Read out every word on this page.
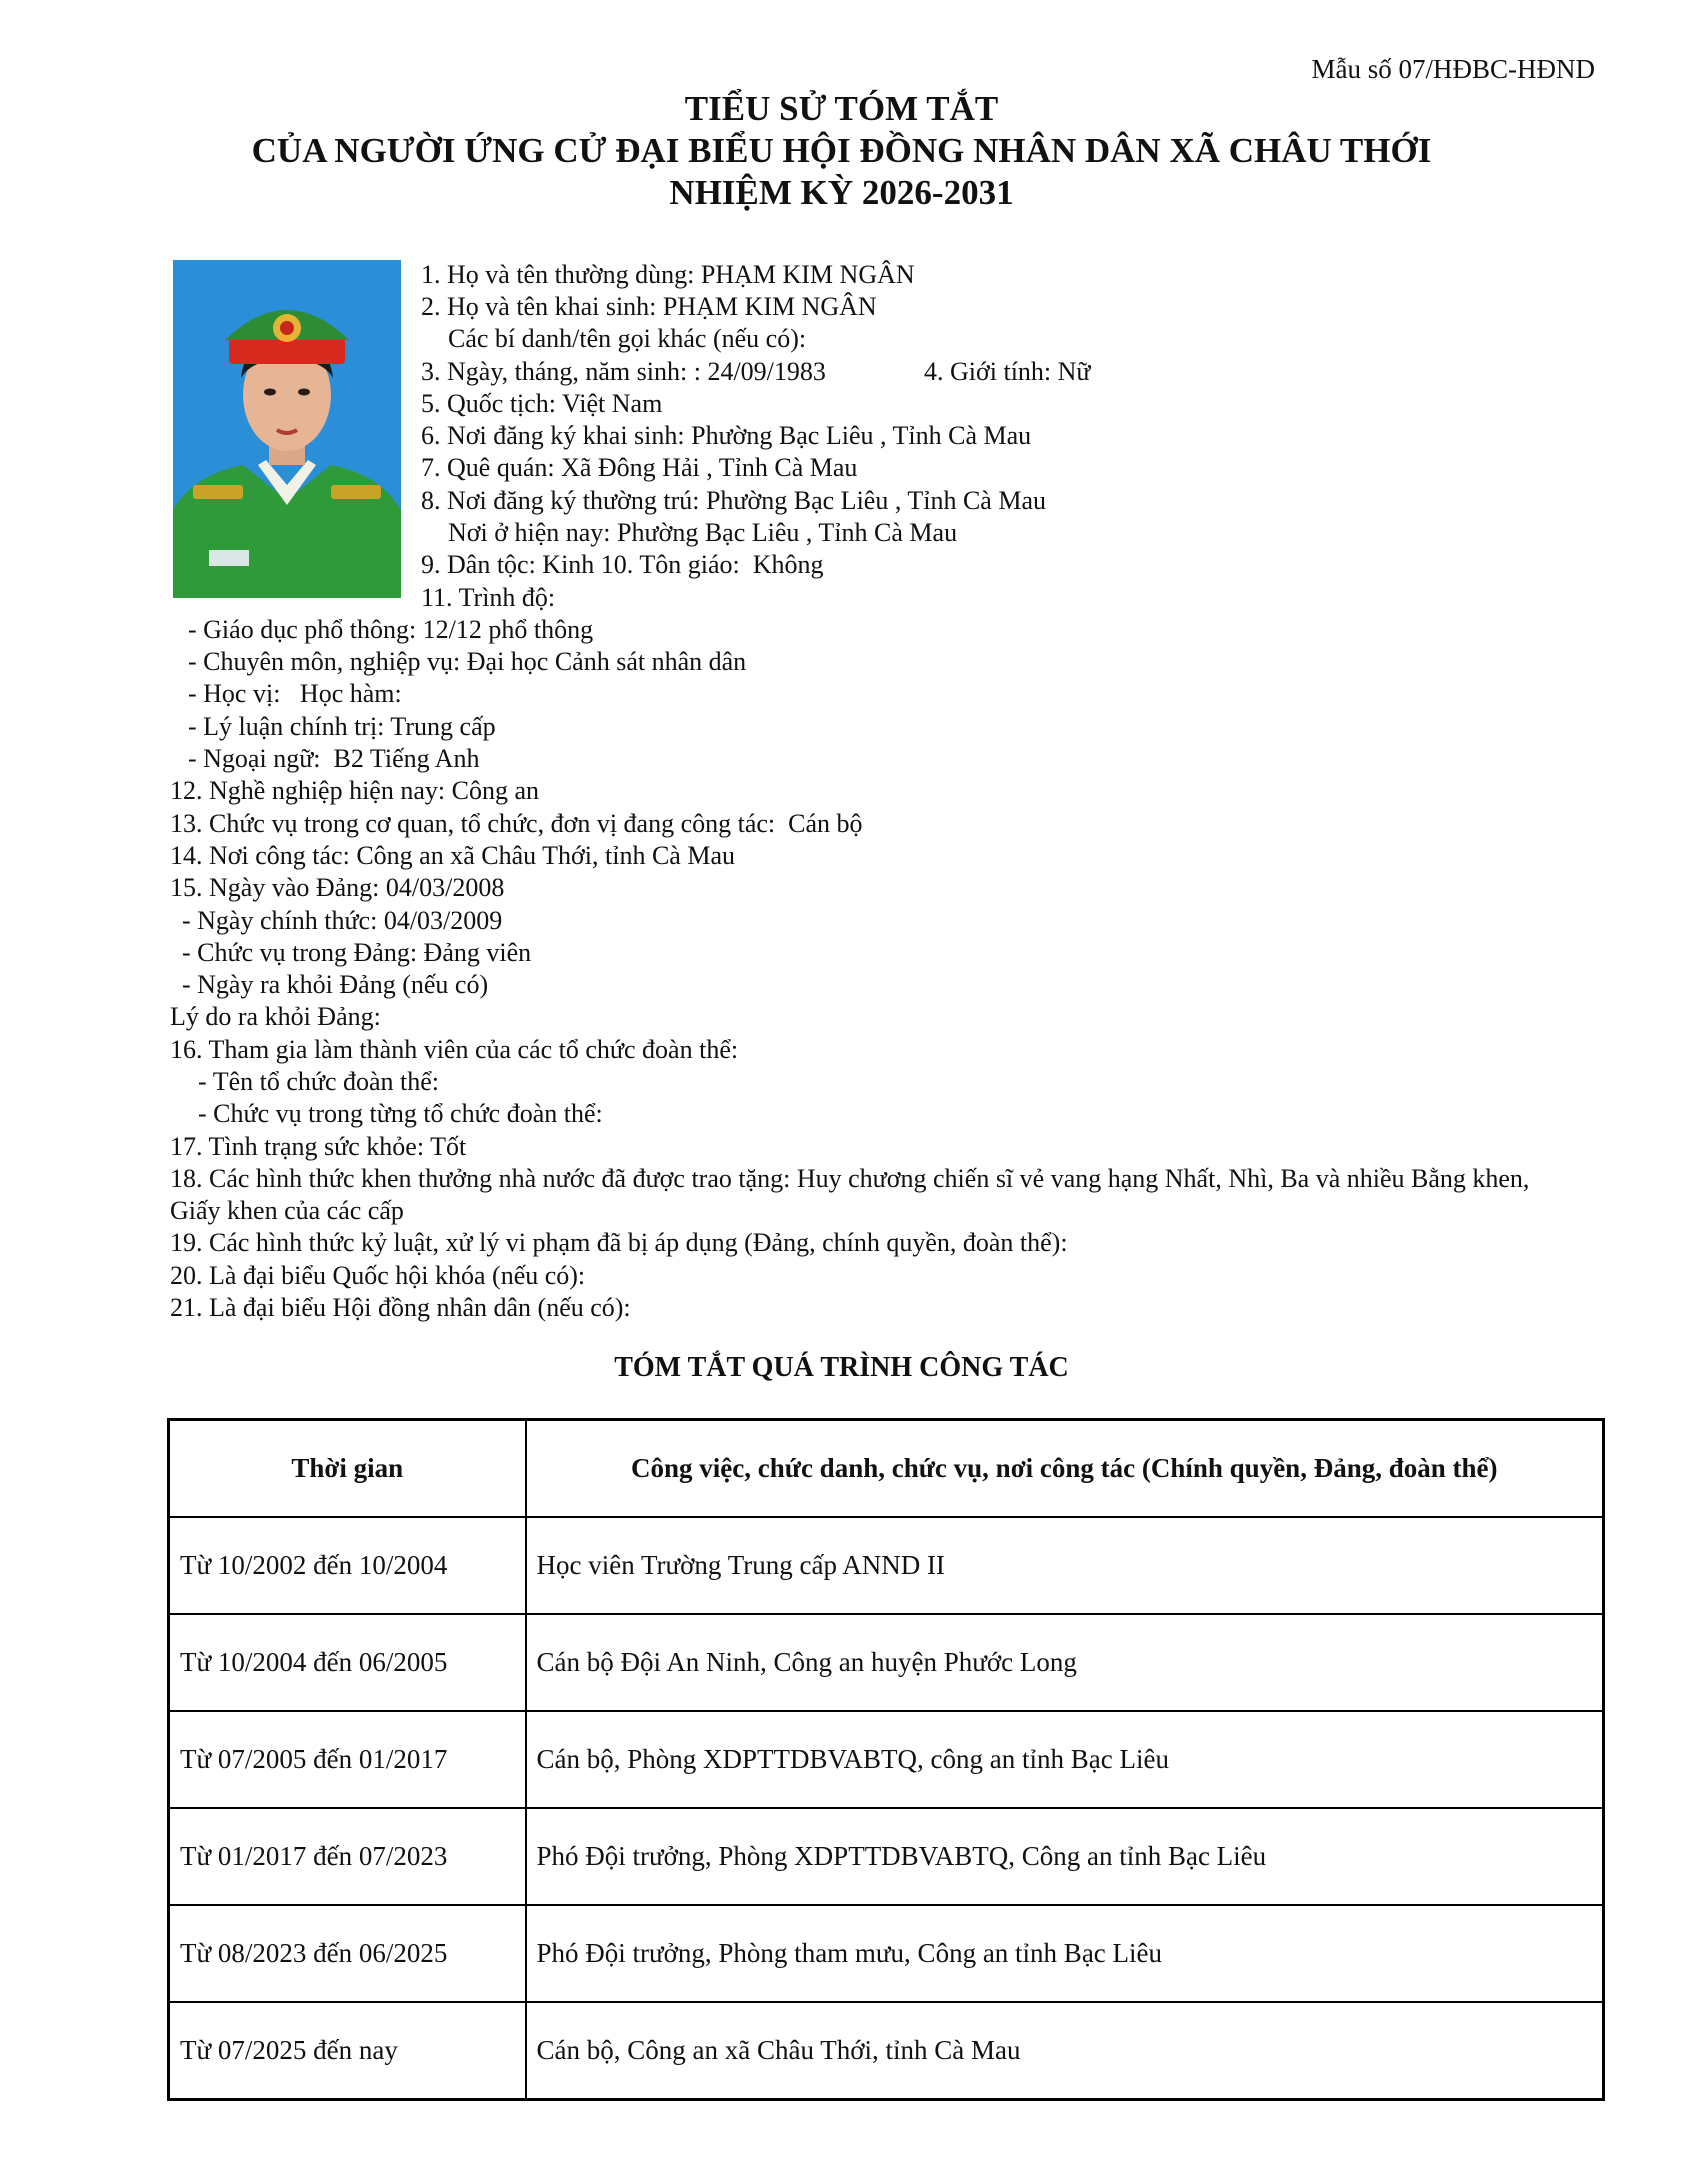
Mẫu số 07/HĐBC-HĐND
TIỂU SỬ TÓM TẮT
CỦA NGƯỜI ỨNG CỬ ĐẠI BIỂU HỘI ĐỒNG NHÂN DÂN XÃ CHÂU THỚI
NHIỆM KỲ 2026-2031
1. Họ và tên thường dùng: PHẠM KIM NGÂN
2. Họ và tên khai sinh: PHẠM KIM NGÂN
Các bí danh/tên gọi khác (nếu có):
3. Ngày, tháng, năm sinh: : 24/09/1983	4. Giới tính: Nữ
5. Quốc tịch: Việt Nam
6. Nơi đăng ký khai sinh: Phường Bạc Liêu , Tỉnh Cà Mau
7. Quê quán: Xã Đông Hải , Tỉnh Cà Mau
8. Nơi đăng ký thường trú: Phường Bạc Liêu , Tỉnh Cà Mau
Nơi ở hiện nay: Phường Bạc Liêu , Tỉnh Cà Mau
9. Dân tộc: Kinh 10. Tôn giáo:  Không
11. Trình độ:
- Giáo dục phổ thông: 12/12 phổ thông
- Chuyên môn, nghiệp vụ: Đại học Cảnh sát nhân dân
- Học vị:   Học hàm:
- Lý luận chính trị: Trung cấp
- Ngoại ngữ:  B2 Tiếng Anh
12. Nghề nghiệp hiện nay: Công an
13. Chức vụ trong cơ quan, tổ chức, đơn vị đang công tác:  Cán bộ
14. Nơi công tác: Công an xã Châu Thới, tỉnh Cà Mau
15. Ngày vào Đảng: 04/03/2008
- Ngày chính thức: 04/03/2009
- Chức vụ trong Đảng: Đảng viên
- Ngày ra khỏi Đảng (nếu có)
Lý do ra khỏi Đảng:
16. Tham gia làm thành viên của các tổ chức đoàn thể:
- Tên tổ chức đoàn thể:
- Chức vụ trong từng tổ chức đoàn thể:
17. Tình trạng sức khỏe: Tốt
18. Các hình thức khen thưởng nhà nước đã được trao tặng: Huy chương chiến sĩ vẻ vang hạng Nhất, Nhì, Ba và nhiều Bằng khen,
Giấy khen của các cấp
19. Các hình thức kỷ luật, xử lý vi phạm đã bị áp dụng (Đảng, chính quyền, đoàn thể):
20. Là đại biểu Quốc hội khóa (nếu có):
21. Là đại biểu Hội đồng nhân dân (nếu có):
TÓM TẮT QUÁ TRÌNH CÔNG TÁC
Thời gian	Công việc, chức danh, chức vụ, nơi công tác (Chính quyền, Đảng, đoàn thể)
Từ 10/2002 đến 10/2004	Học viên Trường Trung cấp ANND II
Từ 10/2004 đến 06/2005	Cán bộ Đội An Ninh, Công an huyện Phước Long
Từ 07/2005 đến 01/2017	Cán bộ, Phòng XDPTTDBVABTQ, công an tỉnh Bạc Liêu
Từ 01/2017 đến 07/2023	Phó Đội trưởng, Phòng XDPTTDBVABTQ, Công an tỉnh Bạc Liêu
Từ 08/2023 đến 06/2025	Phó Đội trưởng, Phòng tham mưu, Công an tỉnh Bạc Liêu
Từ 07/2025 đến nay	Cán bộ, Công an xã Châu Thới, tỉnh Cà Mau
